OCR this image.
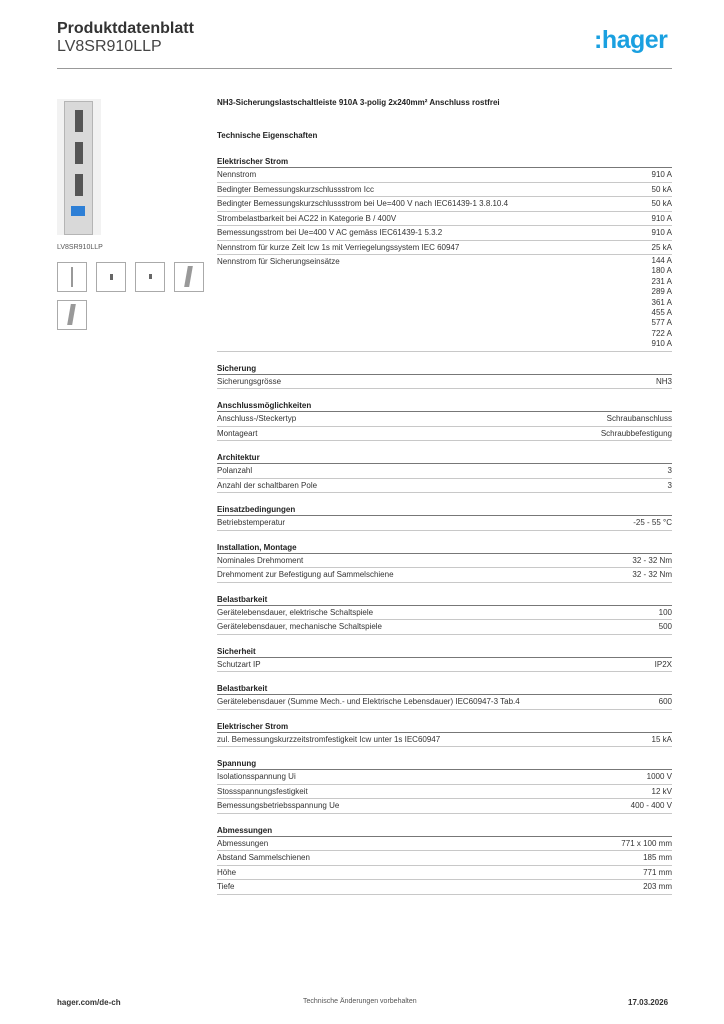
Produktdatenblatt
LV8SR910LLP	:hager
LV8SR910LLP
NH3-Sicherungslastschaltleiste 910A 3-polig 2x240mm² Anschluss rostfrei
Technische Eigenschaften
Elektrischer Strom
Nennstrom	910 A
Bedingter Bemessungskurzschlussstrom Icc	50 kA
Bedingter Bemessungskurzschlussstrom bei Ue=400 V nach IEC61439-1 3.8.10.4	50 kA
Strombelastbarkeit bei AC22 in Kategorie B / 400V	910 A
Bemessungsstrom bei Ue=400 V AC gemäss IEC61439-1 5.3.2	910 A
Nennstrom für kurze Zeit Icw 1s mit Verriegelungssystem IEC 60947	25 kA
Nennstrom für Sicherungseinsätze	144 A
180 A
231 A
289 A
361 A
455 A
577 A
722 A
910 A
Sicherung
Sicherungsgrösse	NH3
Anschlussmöglichkeiten
Anschluss-/Steckertyp	Schraubanschluss
Montageart	Schraubbefestigung
Architektur
Polanzahl	3
Anzahl der schaltbaren Pole	3
Einsatzbedingungen
Betriebstemperatur	-25 - 55 °C
Installation, Montage
Nominales Drehmoment	32 - 32 Nm
Drehmoment zur Befestigung auf Sammelschiene	32 - 32 Nm
Belastbarkeit
Gerätelebensdauer, elektrische Schaltspiele	100
Gerätelebensdauer, mechanische Schaltspiele	500
Sicherheit
Schutzart IP	IP2X
Belastbarkeit
Gerätelebensdauer (Summe Mech.- und Elektrische Lebensdauer) IEC60947-3 Tab.4	600
Elektrischer Strom
zul. Bemessungskurzzeitstromfestigkeit Icw unter 1s IEC60947	15 kA
Spannung
Isolationsspannung Ui	1000 V
Stossspannungsfestigkeit	12 kV
Bemessungsbetriebsspannung Ue	400 - 400 V
Abmessungen
Abmessungen	771 x 100 mm
Abstand Sammelschienen	185 mm
Höhe	771 mm
Tiefe	203 mm
hager.com/de-ch	Technische Änderungen vorbehalten	17.03.2026
